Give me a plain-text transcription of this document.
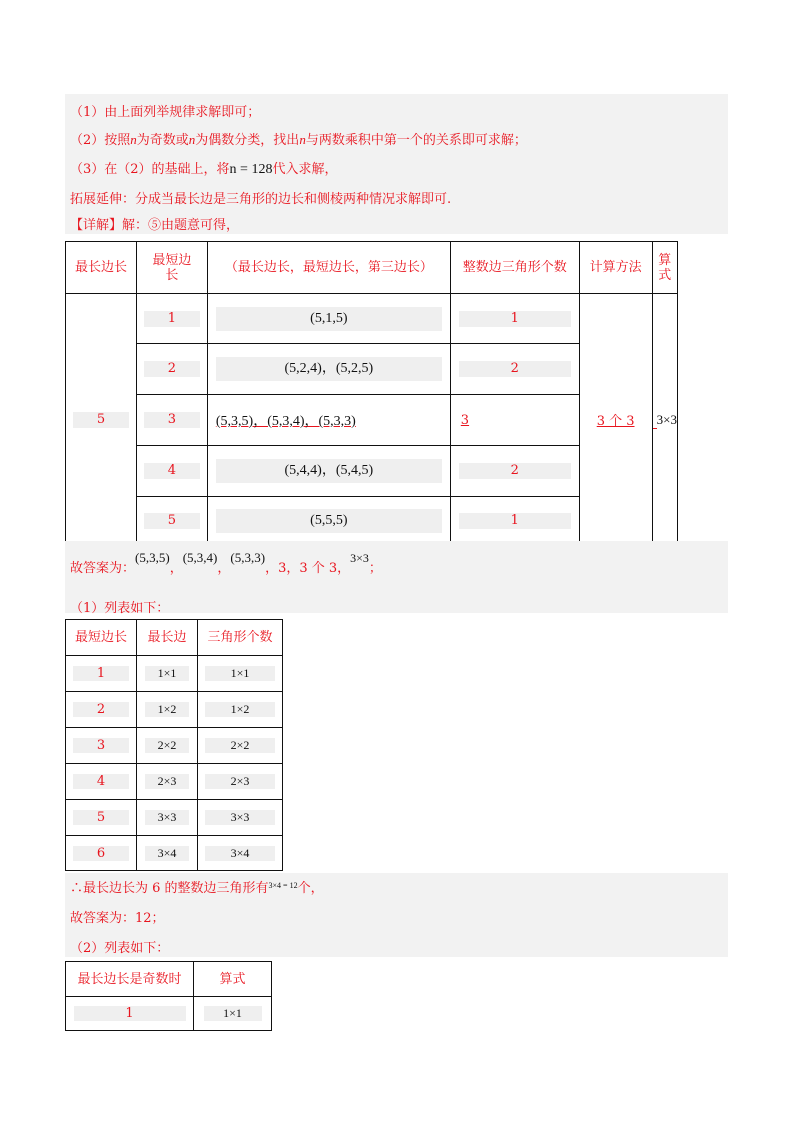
（1）由上面列举规律求解即可；
（2）按照n为奇数或n为偶数分类，找出n与两数乘积中第一个的关系即可求解；
（3）在（2）的基础上，将n = 128代入求解，
拓展延伸：分成当最长边是三角形的边长和侧棱两种情况求解即可.
【详解】解：⑤由题意可得，
最长边长	最短边长	（最长边长，最短边长，第三边长）	整数边三角形个数	计算方法	算式
5	1	(5,1,5)	1	3 个 3	3×3
	2	(5,2,4)，(5,2,5)	2		
	3	(5,3,5)，(5,3,4)，(5,3,3)	3		
	4	(5,4,4)，(5,4,5)	2		
	5	(5,5,5)	1		
故答案为：(5,3,5)，(5,3,4)，(5,3,3)，3，3 个 3，3×3；
（1）列表如下：
最短边长	最长边	三角形个数
1	1×1	1×1
2	1×2	1×2
3	2×2	2×2
4	2×3	2×3
5	3×3	3×3
6	3×4	3×4
∴最长边长为 6 的整数边三角形有$^{3\times 4 = 12}$个，
故答案为：12；
（2）列表如下：
最长边长是奇数时	算式
1	1×1
